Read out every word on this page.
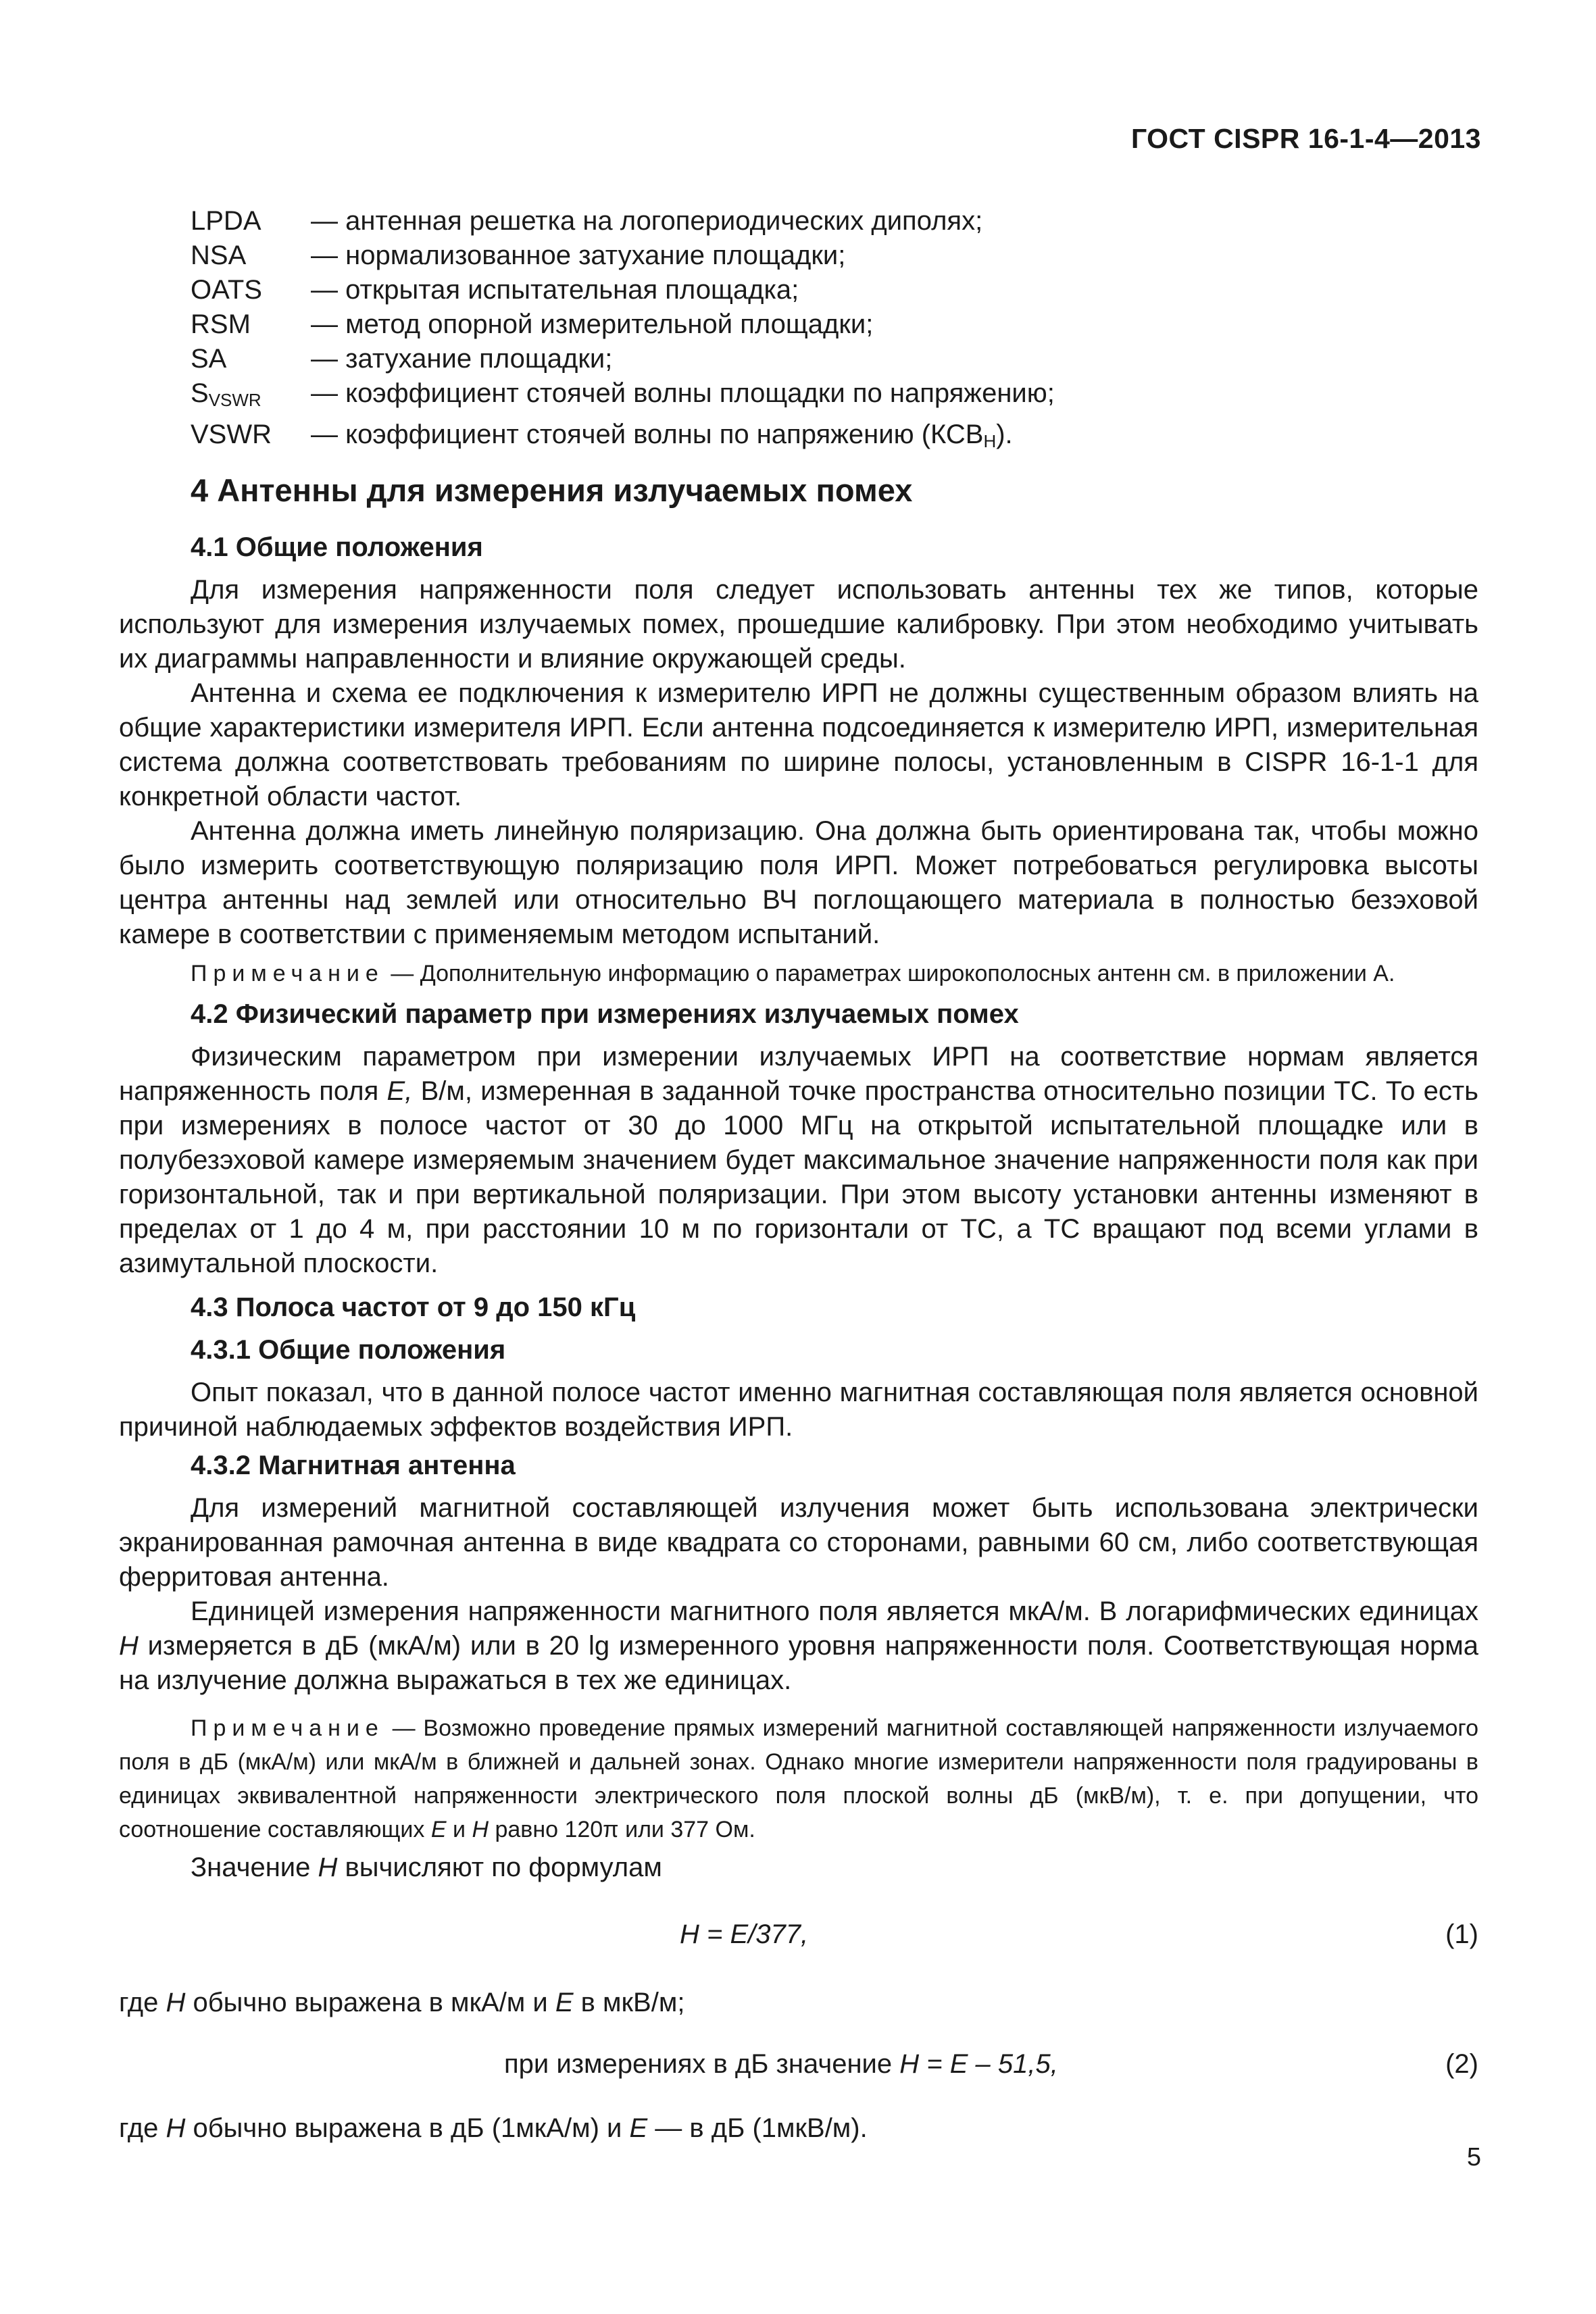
ГОСТ CISPR 16-1-4—2013
LPDA	— антенная решетка на логопериодических диполях;
NSA	— нормализованное затухание площадки;
OATS	— открытая испытательная площадка;
RSM	— метод опорной измерительной площадки;
SA	— затухание площадки;
$S_{VSWR}$	— коэффициент стоячей волны площадки по напряжению;
VSWR	— коэффициент стоячей волны по напряжению $(КСВ_Н)$.
4 Антенны для измерения излучаемых помех
4.1 Общие положения

Для измерения напряженности поля следует использовать антенны тех же типов, которые используют для измерения излучаемых помех, прошедшие калибровку. При этом необходимо учитывать их диаграммы направленности и влияние окружающей среды.

Антенна и схема ее подключения к измерителю ИРП не должны существенным образом влиять на общие характеристики измерителя ИРП. Если антенна подсоединяется к измерителю ИРП, измерительная система должна соответствовать требованиям по ширине полосы, установленным в CISPR 16-1-1 для конкретной области частот.

Антенна должна иметь линейную поляризацию. Она должна быть ориентирована так, чтобы можно было измерить соответствующую поляризацию поля ИРП. Может потребоваться регулировка высоты центра антенны над землей или относительно ВЧ поглощающего материала в полностью безэховой камере в соответствии с применяемым методом испытаний.

Примечание — Дополнительную информацию о параметрах широкополосных антенн см. в приложении А.

4.2 Физический параметр при измерениях излучаемых помех

Физическим параметром при измерении излучаемых ИРП на соответствие нормам является напряженность поля E, В/м, измеренная в заданной точке пространства относительно позиции ТС. То есть при измерениях в полосе частот от 30 до 1000 МГц на открытой испытательной площадке или в полубезэховой камере измеряемым значением будет максимальное значение напряженности поля как при горизонтальной, так и при вертикальной поляризации. При этом высоту установки антенны изменяют в пределах от 1 до 4 м, при расстоянии 10 м по горизонтали от ТС, а ТС вращают под всеми углами в азимутальной плоскости.

4.3 Полоса частот от 9 до 150 кГц
4.3.1 Общие положения

Опыт показал, что в данной полосе частот именно магнитная составляющая поля является основной причиной наблюдаемых эффектов воздействия ИРП.

4.3.2 Магнитная антенна

Для измерений магнитной составляющей излучения может быть использована электрически экранированная рамочная антенна в виде квадрата со сторонами, равными 60 см, либо соответствующая ферритовая антенна.

Единицей измерения напряженности магнитного поля является мкА/м. В логарифмических единицах H измеряется в дБ (мкА/м) или в 20 lg измеренного уровня напряженности поля. Соответствующая норма на излучение должна выражаться в тех же единицах.

Примечание — Возможно проведение прямых измерений магнитной составляющей напряженности излучаемого поля в дБ (мкА/м) или мкА/м в ближней и дальней зонах. Однако многие измерители напряженности поля градуированы в единицах эквивалентной напряженности электрического поля плоской волны дБ (мкВ/м), т. е. при допущении, что соотношение составляющих E и H равно 120π или 377 Ом.

Значение H вычисляют по формулам

H = E/377,	(1)

где H обычно выражена в мкА/м и E в мкВ/м;

при измерениях в дБ значение H = E – 51,5,	(2)

где H обычно выражена в дБ (1мкА/м) и E — в дБ (1мкВ/м).

5
